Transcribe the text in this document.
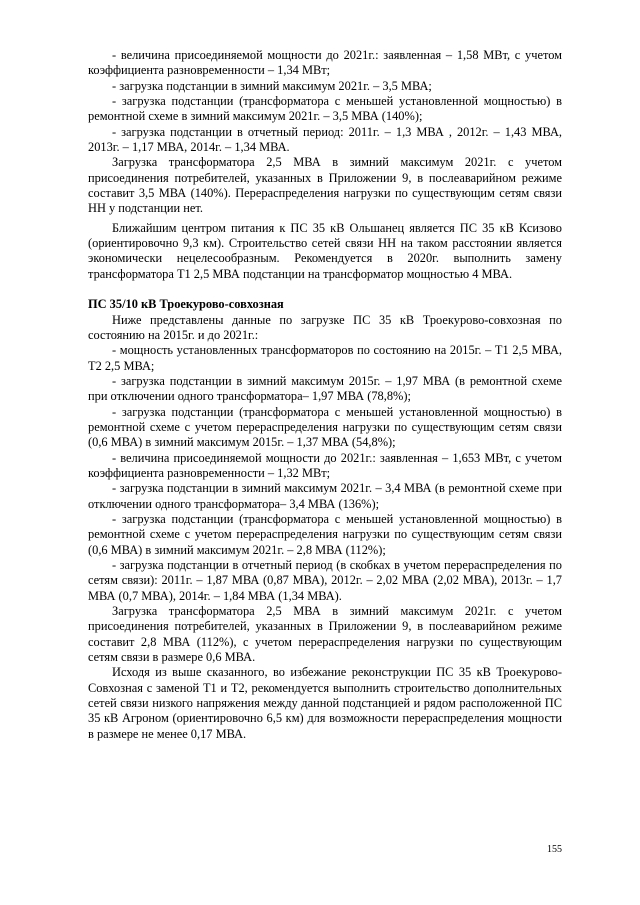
- величина присоединяемой мощности до 2021г.: заявленная – 1,58 МВт, с учетом коэффициента разновременности – 1,34 МВт;

- загрузка подстанции в зимний максимум 2021г. – 3,5 МВА;

- загрузка подстанции (трансформатора с меньшей установленной мощностью) в ремонтной схеме в зимний максимум 2021г. – 3,5 МВА (140%);

- загрузка подстанции в отчетный период: 2011г. – 1,3 МВА , 2012г. – 1,43 МВА, 2013г. – 1,17 МВА, 2014г. – 1,34 МВА.

Загрузка трансформатора 2,5 МВА в зимний максимум 2021г. с учетом присоединения потребителей, указанных в Приложении 9, в послеаварийном режиме составит 3,5 МВА (140%). Перераспределения нагрузки по существующим сетям связи НН у подстанции нет.

Ближайшим центром питания к ПС 35 кВ Ольшанец является ПС 35 кВ Ксизово (ориентировочно 9,3 км). Строительство сетей связи НН на таком расстоянии является экономически нецелесообразным. Рекомендуется в 2020г. выполнить замену трансформатора Т1 2,5 МВА подстанции на трансформатор мощностью 4 МВА.

ПС 35/10 кВ Троекурово-совхозная

Ниже представлены данные по загрузке ПС 35 кВ Троекурово-совхозная по состоянию на 2015г. и до 2021г.:

- мощность установленных трансформаторов по состоянию на 2015г. – Т1 2,5 МВА, Т2 2,5 МВА;

- загрузка подстанции в зимний максимум 2015г. – 1,97 МВА (в ремонтной схеме при отключении одного трансформатора– 1,97 МВА (78,8%);

- загрузка подстанции (трансформатора с меньшей установленной мощностью) в ремонтной схеме с учетом перераспределения нагрузки по существующим сетям связи (0,6 МВА) в зимний максимум 2015г. – 1,37 МВА (54,8%);

- величина присоединяемой мощности до 2021г.: заявленная – 1,653 МВт, с учетом коэффициента разновременности – 1,32 МВт;

- загрузка подстанции в зимний максимум 2021г. – 3,4 МВА (в ремонтной схеме при отключении одного трансформатора– 3,4 МВА (136%);

- загрузка подстанции (трансформатора с меньшей установленной мощностью) в ремонтной схеме с учетом перераспределения нагрузки по существующим сетям связи (0,6 МВА) в зимний максимум 2021г. – 2,8 МВА (112%);

- загрузка подстанции в отчетный период (в скобках в учетом перераспределения по сетям связи): 2011г. – 1,87 МВА (0,87 МВА), 2012г. – 2,02 МВА (2,02 МВА), 2013г. – 1,7 МВА (0,7 МВА), 2014г. – 1,84 МВА (1,34 МВА).

Загрузка трансформатора 2,5 МВА в зимний максимум 2021г. с учетом присоединения потребителей, указанных в Приложении 9, в послеаварийном режиме составит 2,8 МВА (112%), с учетом перераспределения нагрузки по существующим сетям связи в размере 0,6 МВА.

Исходя из выше сказанного, во избежание реконструкции ПС 35 кВ Троекурово-Совхозная с заменой Т1 и Т2, рекомендуется выполнить строительство дополнительных сетей связи низкого напряжения между данной подстанцией и рядом расположенной ПС 35 кВ Агроном (ориентировочно 6,5 км) для возможности перераспределения мощности в размере не менее 0,17 МВА.

155
